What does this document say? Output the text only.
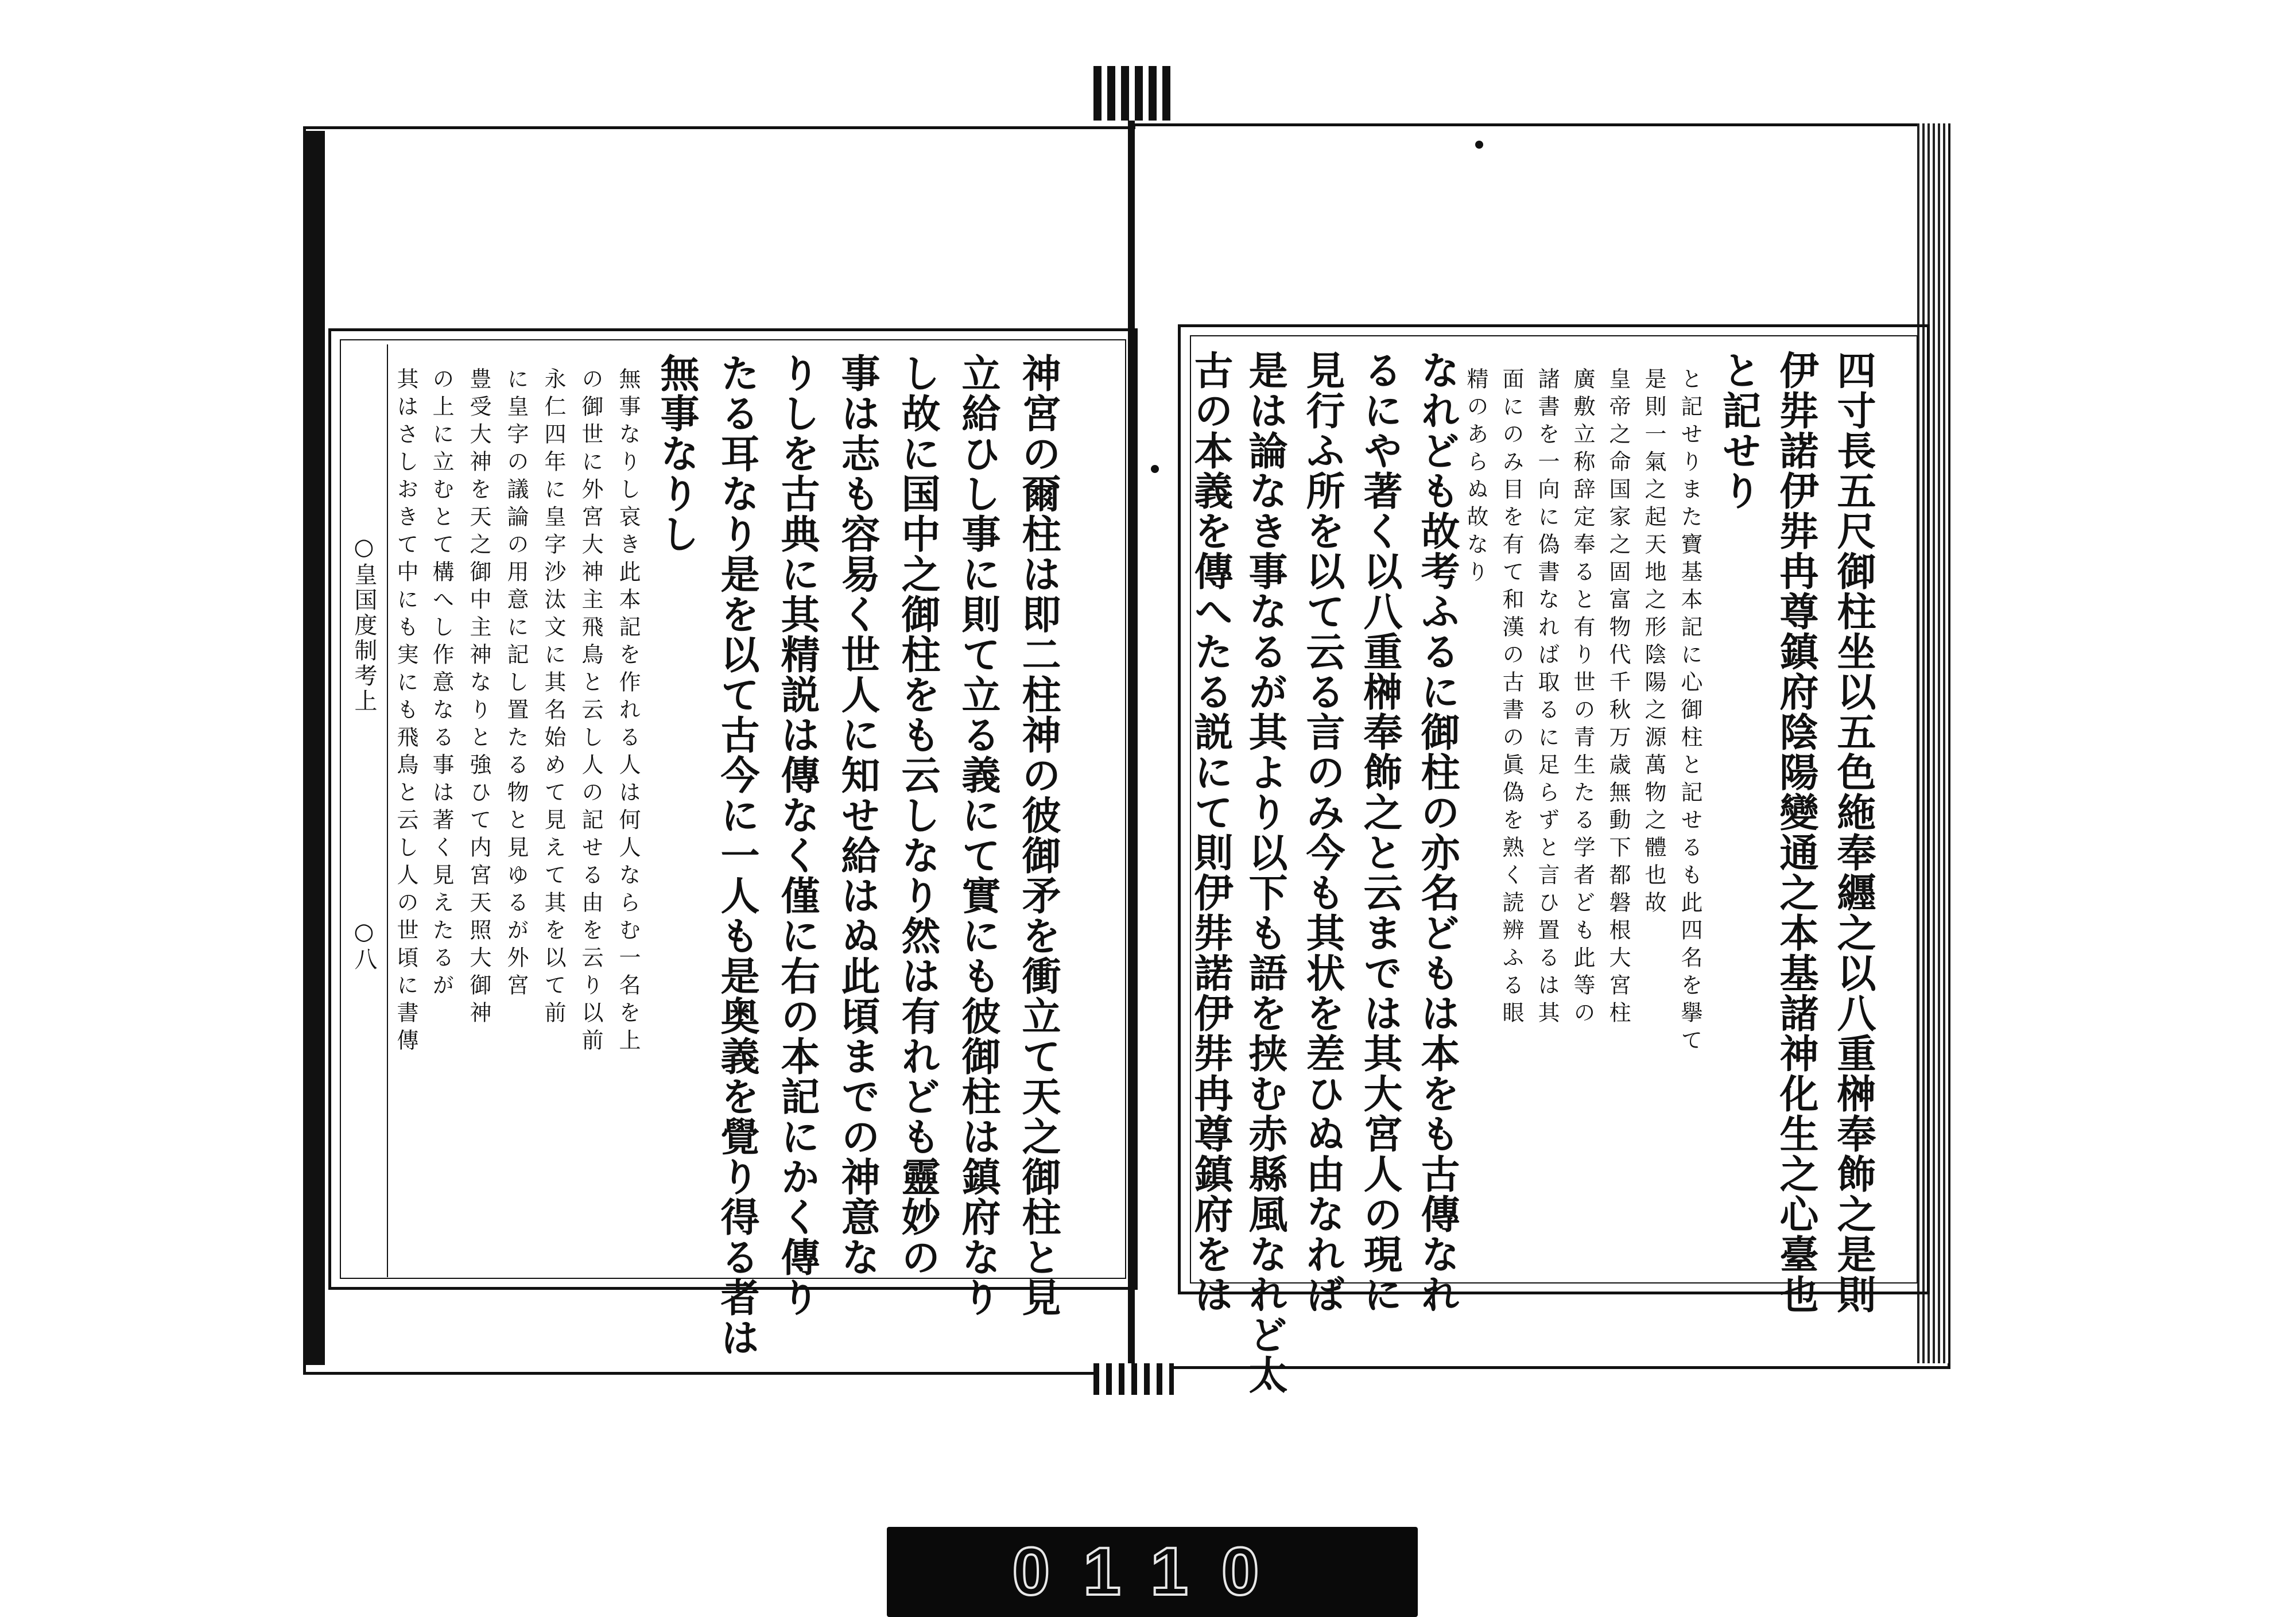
○皇国度制考上
○八	神宮の爾柱は即二柱神の彼御矛を衝立て天之御柱と見
立給ひし事に則て立る義にて實にも彼御柱は鎮府なり
し故に国中之御柱をも云しなり然は有れども靈妙の
事は志も容易く世人に知せ給はぬ此頃までの神意な
りしを古典に其精説は傳なく僅に右の本記にかく傳り
たる耳なり是を以て古今に一人も是奥義を覺り得る者は
無事なりし
無事なりし哀き此本記を作れる人は何人ならむ一名を上
の御世に外宮大神主飛鳥と云し人の記せる由を云り以前
永仁四年に皇字沙汰文に其名始めて見えて其を以て前
に皇字の議論の用意に記し置たる物と見ゆるが外宮
豊受大神を天之御中主神なりと強ひて内宮天照大御神
の上に立むとて構へし作意なる事は著く見えたるが
其はさしおきて中にも実にも飛鳥と云し人の世頃に書傳	四寸長五尺御柱坐以五色絁奉纒之以八重榊奉飾之是則
伊弉諾伊弉冉尊鎮府陰陽變通之本基諸神化生之心臺也
と記せり
と記せりまた寶基本記に心御柱と記せるも此四名を擧て
是則一氣之起天地之形陰陽之源萬物之體也故
皇帝之命国家之固富物代千秋万歳無動下都磐根大宮柱
廣敷立称辞定奉ると有り世の青生たる学者ども此等の
諸書を一向に偽書なれば取るに足らずと言ひ置るは其
面にのみ目を有て和漢の古書の眞偽を熟く読辨ふる眼
精のあらぬ故なり
なれども故考ふるに御柱の亦名どもは本をも古傳なれ
るにや著く以八重榊奉飾之と云までは其大宮人の現に
見行ふ所を以て云る言のみ今も其状を差ひぬ由なれば
是は論なき事なるが其より以下も語を挟む赤縣風なれど太
古の本義を傳へたる説にて則伊弉諾伊弉冉尊鎮府をは
0110
